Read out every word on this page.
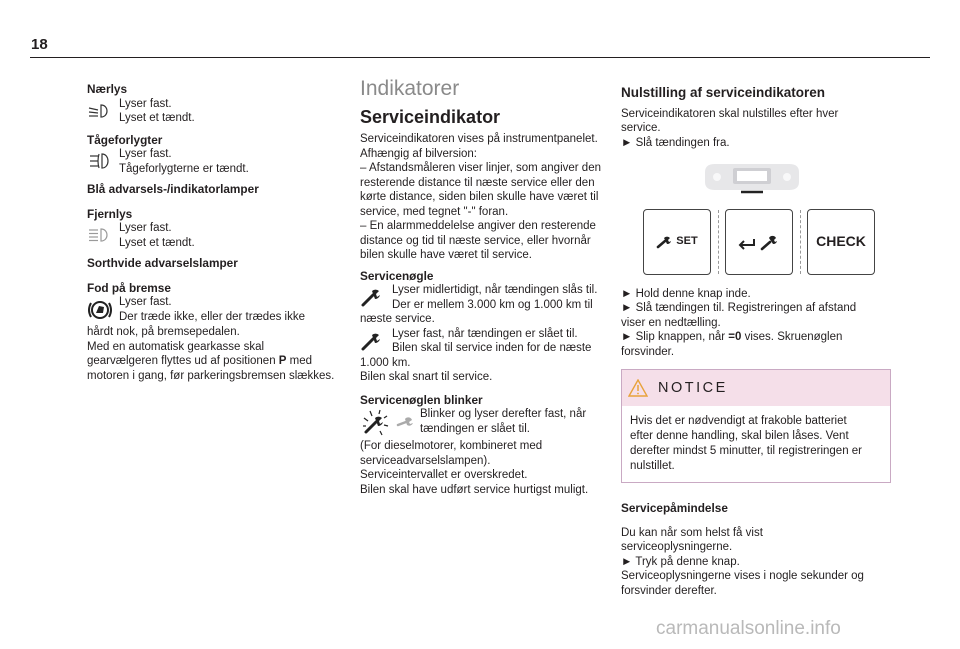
18
Nærlys
Lyser fast.
Lyset et tændt.
Tågeforlygter
Lyser fast.
Tågeforlygterne er tændt.
Blå advarsels-/indikatorlamper
Fjernlys
Lyser fast.
Lyset et tændt.
Sorthvide advarselslamper
Fod på bremse
Lyser fast.
Der træde ikke, eller der trædes ikke
hårdt nok, på bremsepedalen.
Med en automatisk gearkasse skal
gearvælgeren flyttes ud af positionen P med
motoren i gang, før parkeringsbremsen slækkes.
Indikatorer
Serviceindikator
Serviceindikatoren vises på instrumentpanelet.
Afhængig af bilversion:
– Afstandsmåleren viser linjer, som angiver den
resterende distance til næste service eller den
kørte distance, siden bilen skulle have været til
service, med tegnet "-" foran.
– En alarmmeddelelse angiver den resterende
distance og tid til næste service, eller hvornår
bilen skulle have været til service.
Servicenøgle
Lyser midlertidigt, når tændingen slås til.
Der er mellem 3.000 km og 1.000 km til
næste service.
Lyser fast, når tændingen er slået til.
Bilen skal til service inden for de næste
1.000 km.
Bilen skal snart til service.
Servicenøglen blinker
Blinker og lyser derefter fast, når
tændingen er slået til.
(For dieselmotorer, kombineret med
serviceadvarselslampen).
Serviceintervallet er overskredet.
Bilen skal have udført service hurtigst muligt.
Nulstilling af serviceindikatoren
Serviceindikatoren skal nulstilles efter hver
service.
► Slå tændingen fra.
SET	CHECK
► Hold denne knap inde.
► Slå tændingen til. Registreringen af afstand
viser en nedtælling.
► Slip knappen, når =0 vises. Skruenøglen
forsvinder.
NOTICE
Hvis det er nødvendigt at frakoble batteriet
efter denne handling, skal bilen låses. Vent
derefter mindst 5 minutter, til registreringen er
nulstillet.
Servicepåmindelse
Du kan når som helst få vist
serviceoplysningerne.
► Tryk på denne knap.
Serviceoplysningerne vises i nogle sekunder og
forsvinder derefter.
carmanualsonline.info
